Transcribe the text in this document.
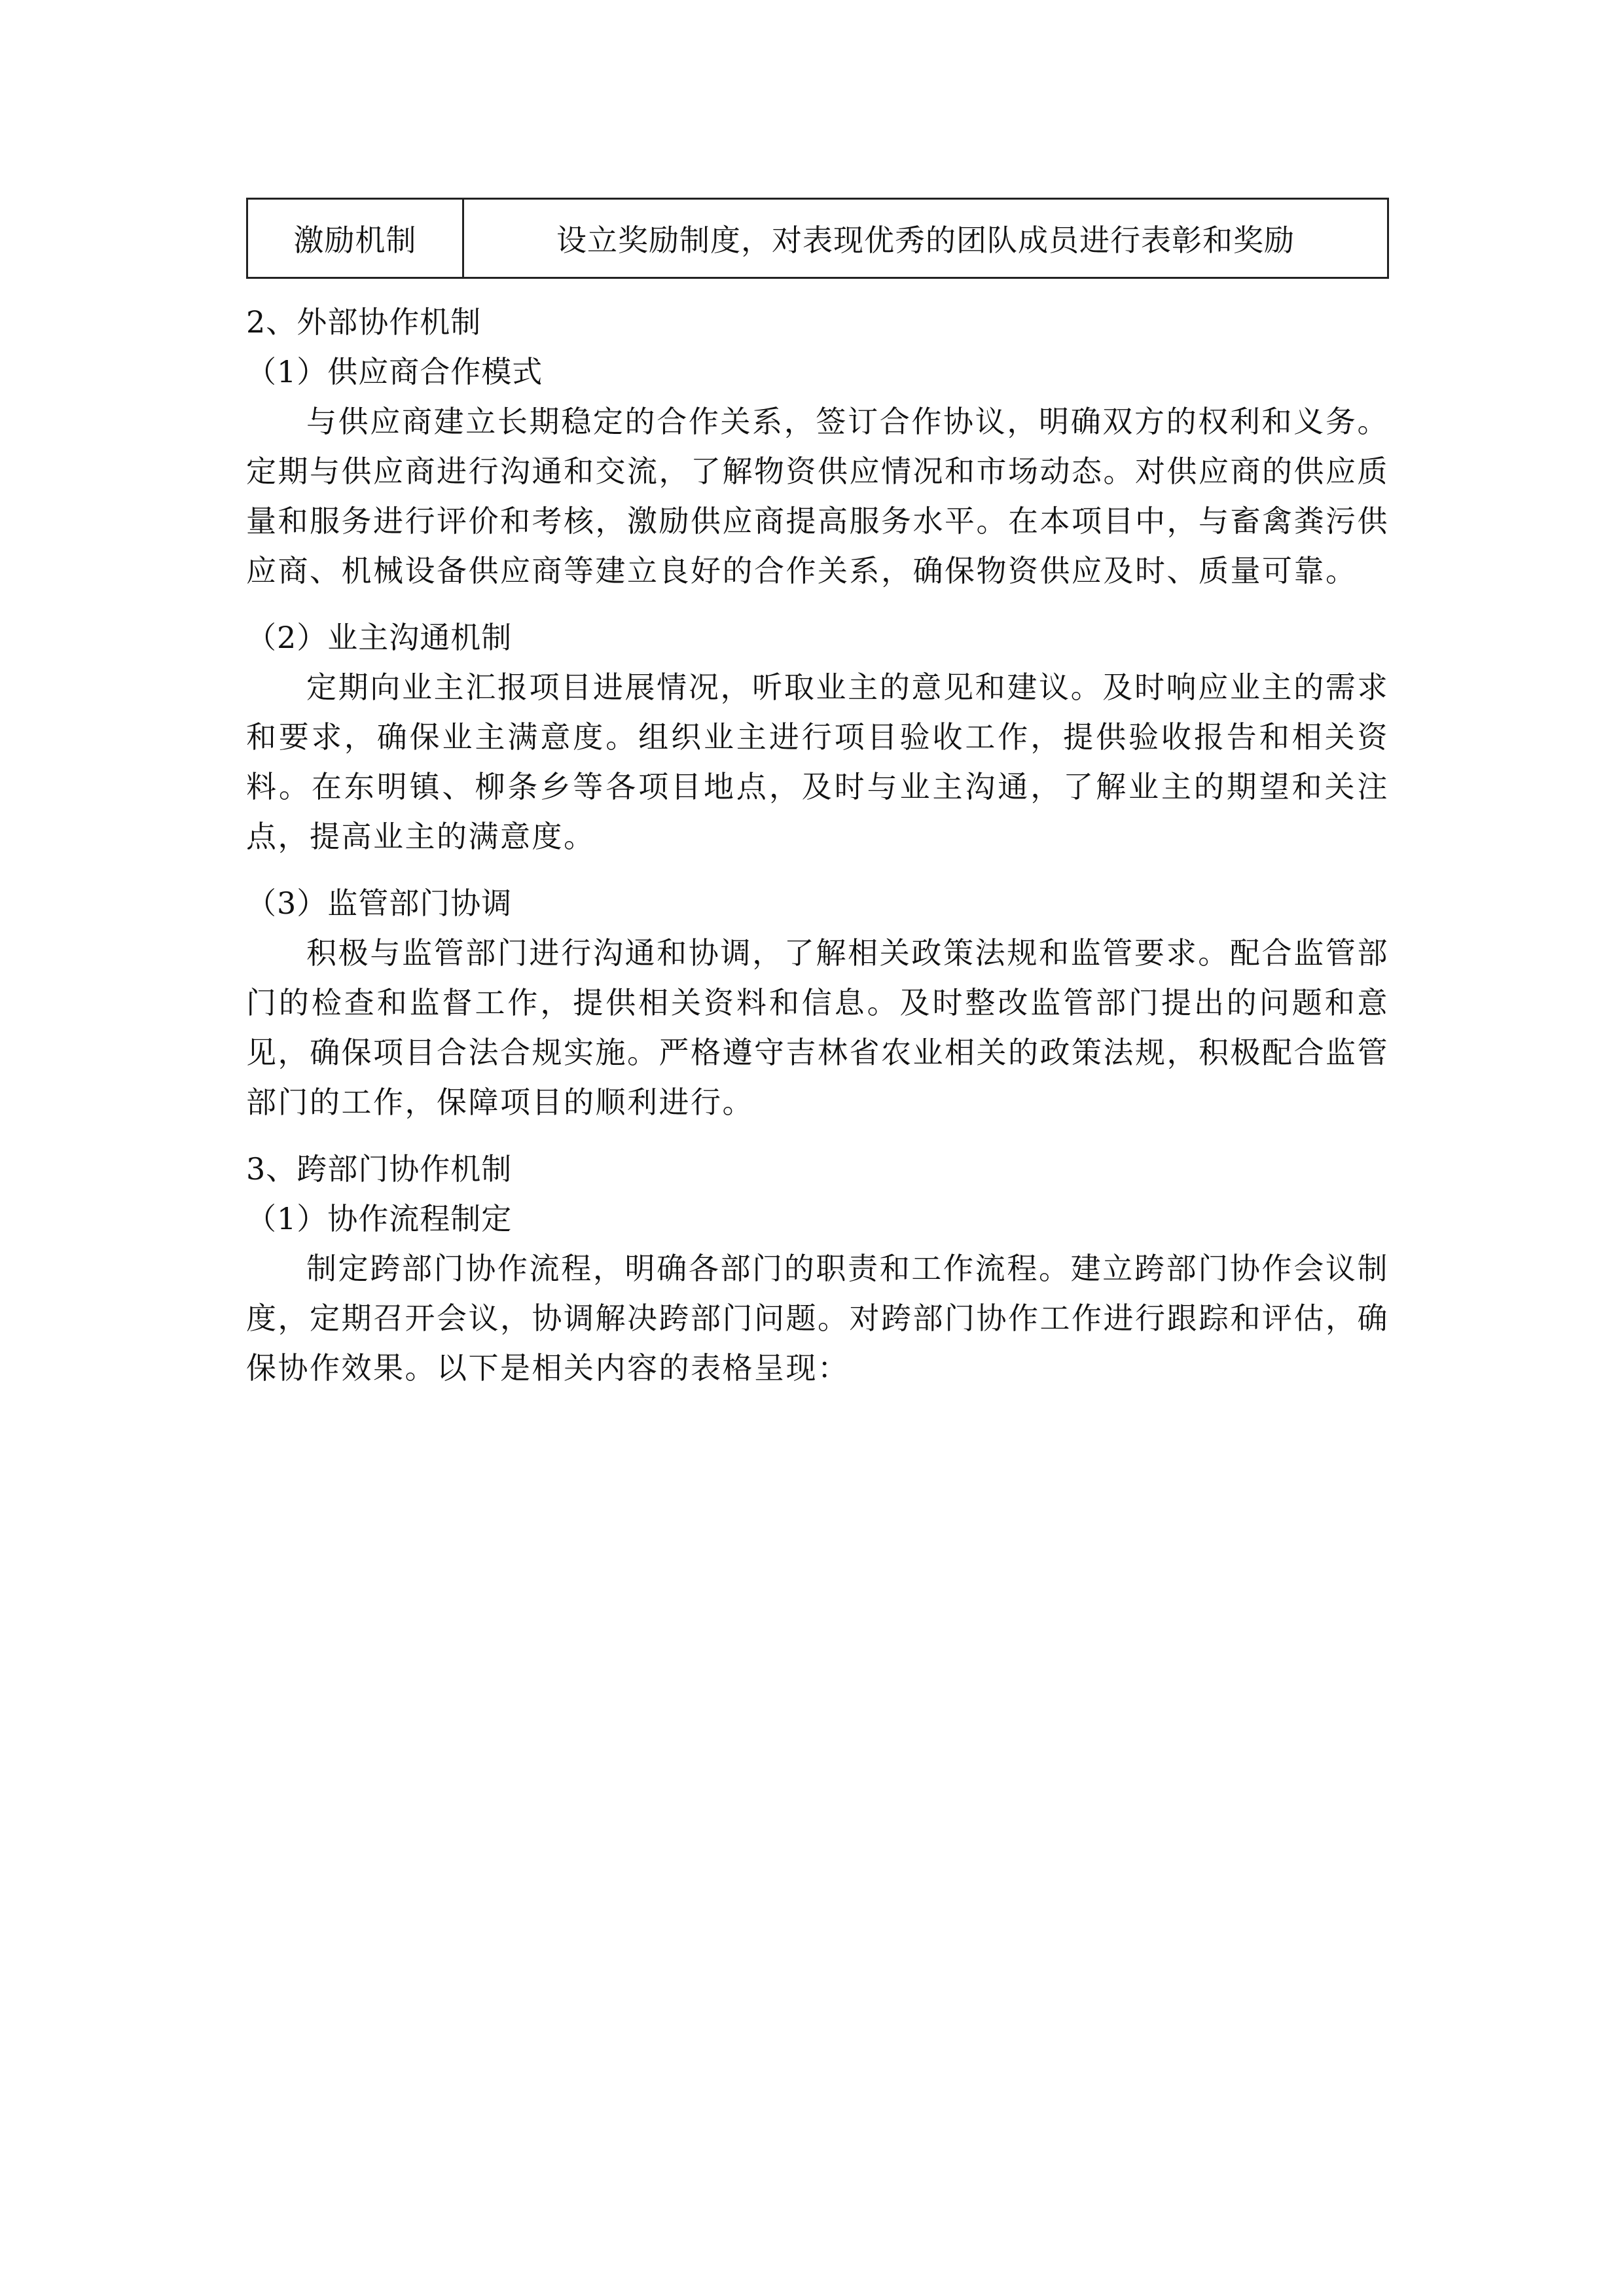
激励机制	设立奖励制度，对表现优秀的团队成员进行表彰和奖励

2、外部协作机制

（1）供应商合作模式

与供应商建立长期稳定的合作关系，签订合作协议，明确双方的权利和义务。定期与供应商进行沟通和交流，了解物资供应情况和市场动态。对供应商的供应质量和服务进行评价和考核，激励供应商提高服务水平。在本项目中，与畜禽粪污供应商、机械设备供应商等建立良好的合作关系，确保物资供应及时、质量可靠。

（2）业主沟通机制

定期向业主汇报项目进展情况，听取业主的意见和建议。及时响应业主的需求和要求，确保业主满意度。组织业主进行项目验收工作，提供验收报告和相关资料。在东明镇、柳条乡等各项目地点，及时与业主沟通，了解业主的期望和关注点，提高业主的满意度。

（3）监管部门协调

积极与监管部门进行沟通和协调，了解相关政策法规和监管要求。配合监管部门的检查和监督工作，提供相关资料和信息。及时整改监管部门提出的问题和意见，确保项目合法合规实施。严格遵守吉林省农业相关的政策法规，积极配合监管部门的工作，保障项目的顺利进行。

3、跨部门协作机制

（1）协作流程制定

制定跨部门协作流程，明确各部门的职责和工作流程。建立跨部门协作会议制度，定期召开会议，协调解决跨部门问题。对跨部门协作工作进行跟踪和评估，确保协作效果。以下是相关内容的表格呈现：
